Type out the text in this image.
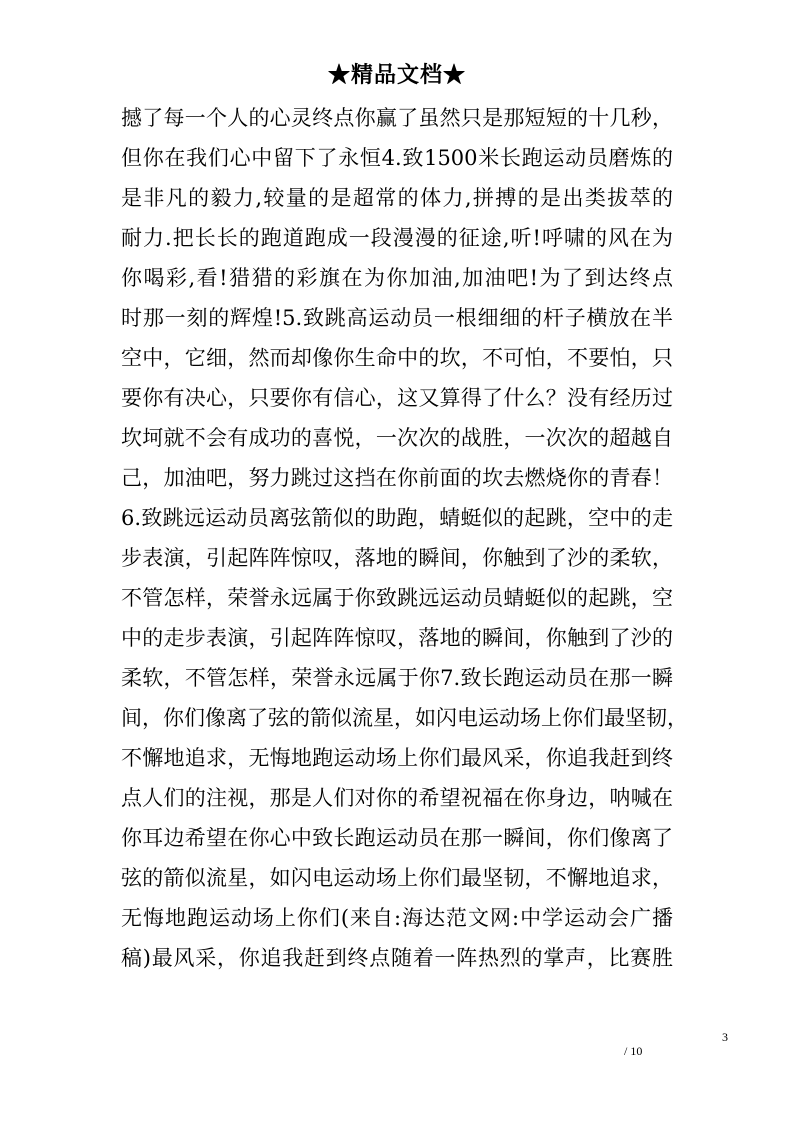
★精品文档★
撼了每一个人的心灵终点你赢了虽然只是那短短的十几秒，
但你在我们心中留下了永恒4.致1500米长跑运动员磨炼的
是非凡的毅力,较量的是超常的体力,拼搏的是出类拔萃的
耐力.把长长的跑道跑成一段漫漫的征途,听!呼啸的风在为
你喝彩,看!猎猎的彩旗在为你加油,加油吧!为了到达终点
时那一刻的辉煌!5.致跳高运动员一根细细的杆子横放在半
空中，它细，然而却像你生命中的坎，不可怕，不要怕，只
要你有决心，只要你有信心，这又算得了什么？没有经历过
坎坷就不会有成功的喜悦，一次次的战胜，一次次的超越自
己，加油吧，努力跳过这挡在你前面的坎去燃烧你的青春！
6.致跳远运动员离弦箭似的助跑，蜻蜓似的起跳，空中的走
步表演，引起阵阵惊叹，落地的瞬间，你触到了沙的柔软，
不管怎样，荣誉永远属于你致跳远运动员蜻蜓似的起跳，空
中的走步表演，引起阵阵惊叹，落地的瞬间，你触到了沙的
柔软，不管怎样，荣誉永远属于你7.致长跑运动员在那一瞬
间，你们像离了弦的箭似流星，如闪电运动场上你们最坚韧，
不懈地追求，无悔地跑运动场上你们最风采，你追我赶到终
点人们的注视，那是人们对你的希望祝福在你身边，呐喊在
你耳边希望在你心中致长跑运动员在那一瞬间，你们像离了
弦的箭似流星，如闪电运动场上你们最坚韧，不懈地追求，
无悔地跑运动场上你们(来自:海达范文网:中学运动会广播
稿)最风采，你追我赶到终点随着一阵热烈的掌声，比赛胜
3
/ 10
